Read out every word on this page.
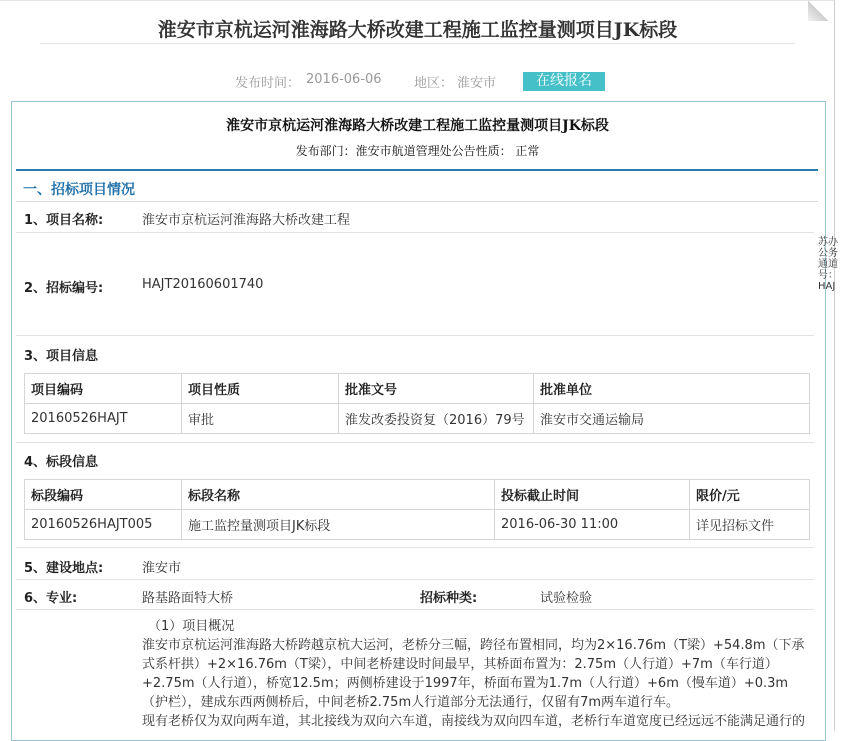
淮安市京杭运河淮海路大桥改建工程施工监控量测项目JK标段
发布时间： 2016-06-06 地区： 淮安市	在线报名
淮安市京杭运河淮海路大桥改建工程施工监控量测项目JK标段
发布部门：淮安市航道管理处公告性质： 正常
一、招标项目情况
1、项目名称:	淮安市京杭运河淮海路大桥改建工程
2、招标编号:	HAJT20160601740
3、项目信息
项目编码	项目性质	批准文号	批准单位
20160526HAJT	审批	淮发改委投资复（2016）79号	淮安市交通运输局
4、标段信息
标段编码	标段名称	投标截止时间	限价/元
20160526HAJT005	施工监控量测项目JK标段	2016-06-30 11:00	详见招标文件
5、建设地点:	淮安市
6、专业:	路基路面特大桥	招标种类:	试验检验

（1）项目概况

淮安市京杭运河淮海路大桥跨越京杭大运河，老桥分三幅，跨径布置相同，均为2×16.76m（T梁）+54.8m（下承式系杆拱）+2×16.76m（T梁），中间老桥建设时间最早，其桥面布置为：2.75m（人行道）+7m（车行道）+2.75m（人行道），桥宽12.5m；两侧桥建设于1997年，桥面布置为1.7m（人行道）+6m（慢车道）+0.3m（护栏），建成东西两侧桥后，中间老桥2.75m人行道部分无法通行，仅留有7m两车道行车。

现有老桥仅为双向两车道，其北接线为双向六车道，南接线为双向四车道，老桥行车道宽度已经远远不能满足通行的

苏办公务通道号：HAJ
